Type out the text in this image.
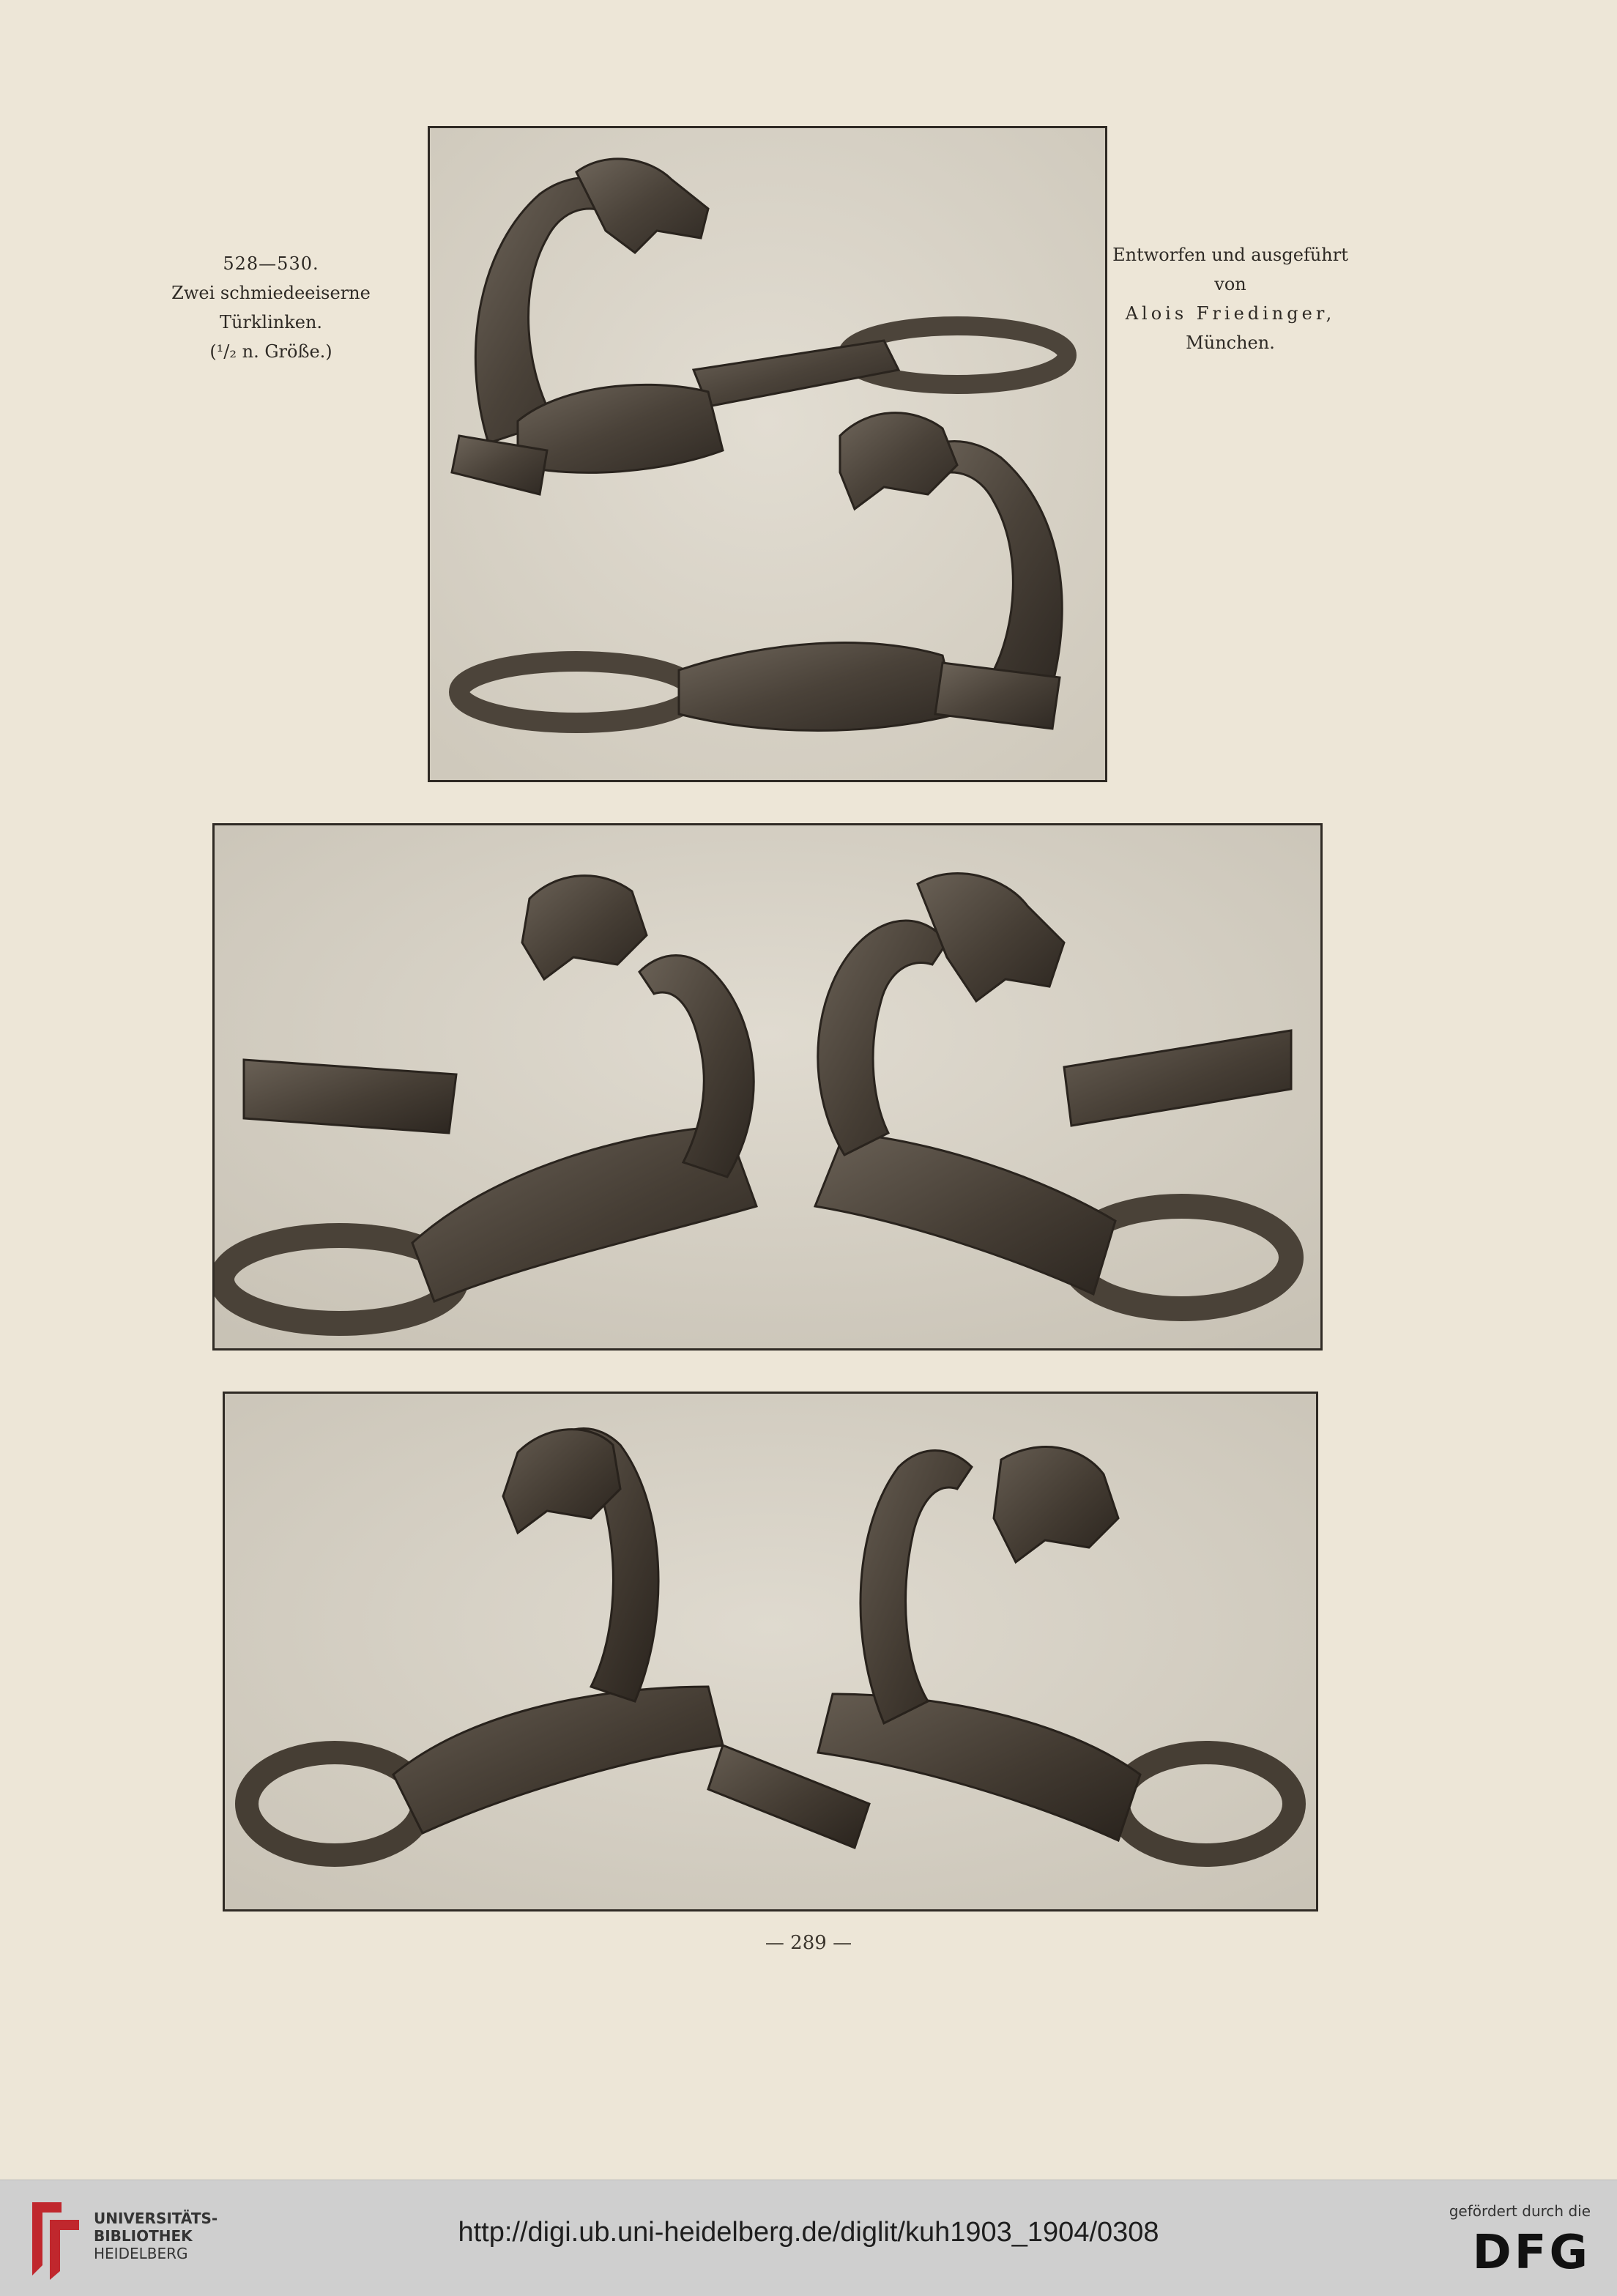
528—530.
Zwei schmiedeeiserne
Türklinken.
(¹/₂ n. Größe.)
Entworfen und ausgeführt
von
Alois Friedinger,
München.
— 289 —
UNIVERSITÄTS-
BIBLIOTHEK
HEIDELBERG
http://digi.ub.uni-heidelberg.de/diglit/kuh1903_1904/0308
gefördert durch die
DFG
